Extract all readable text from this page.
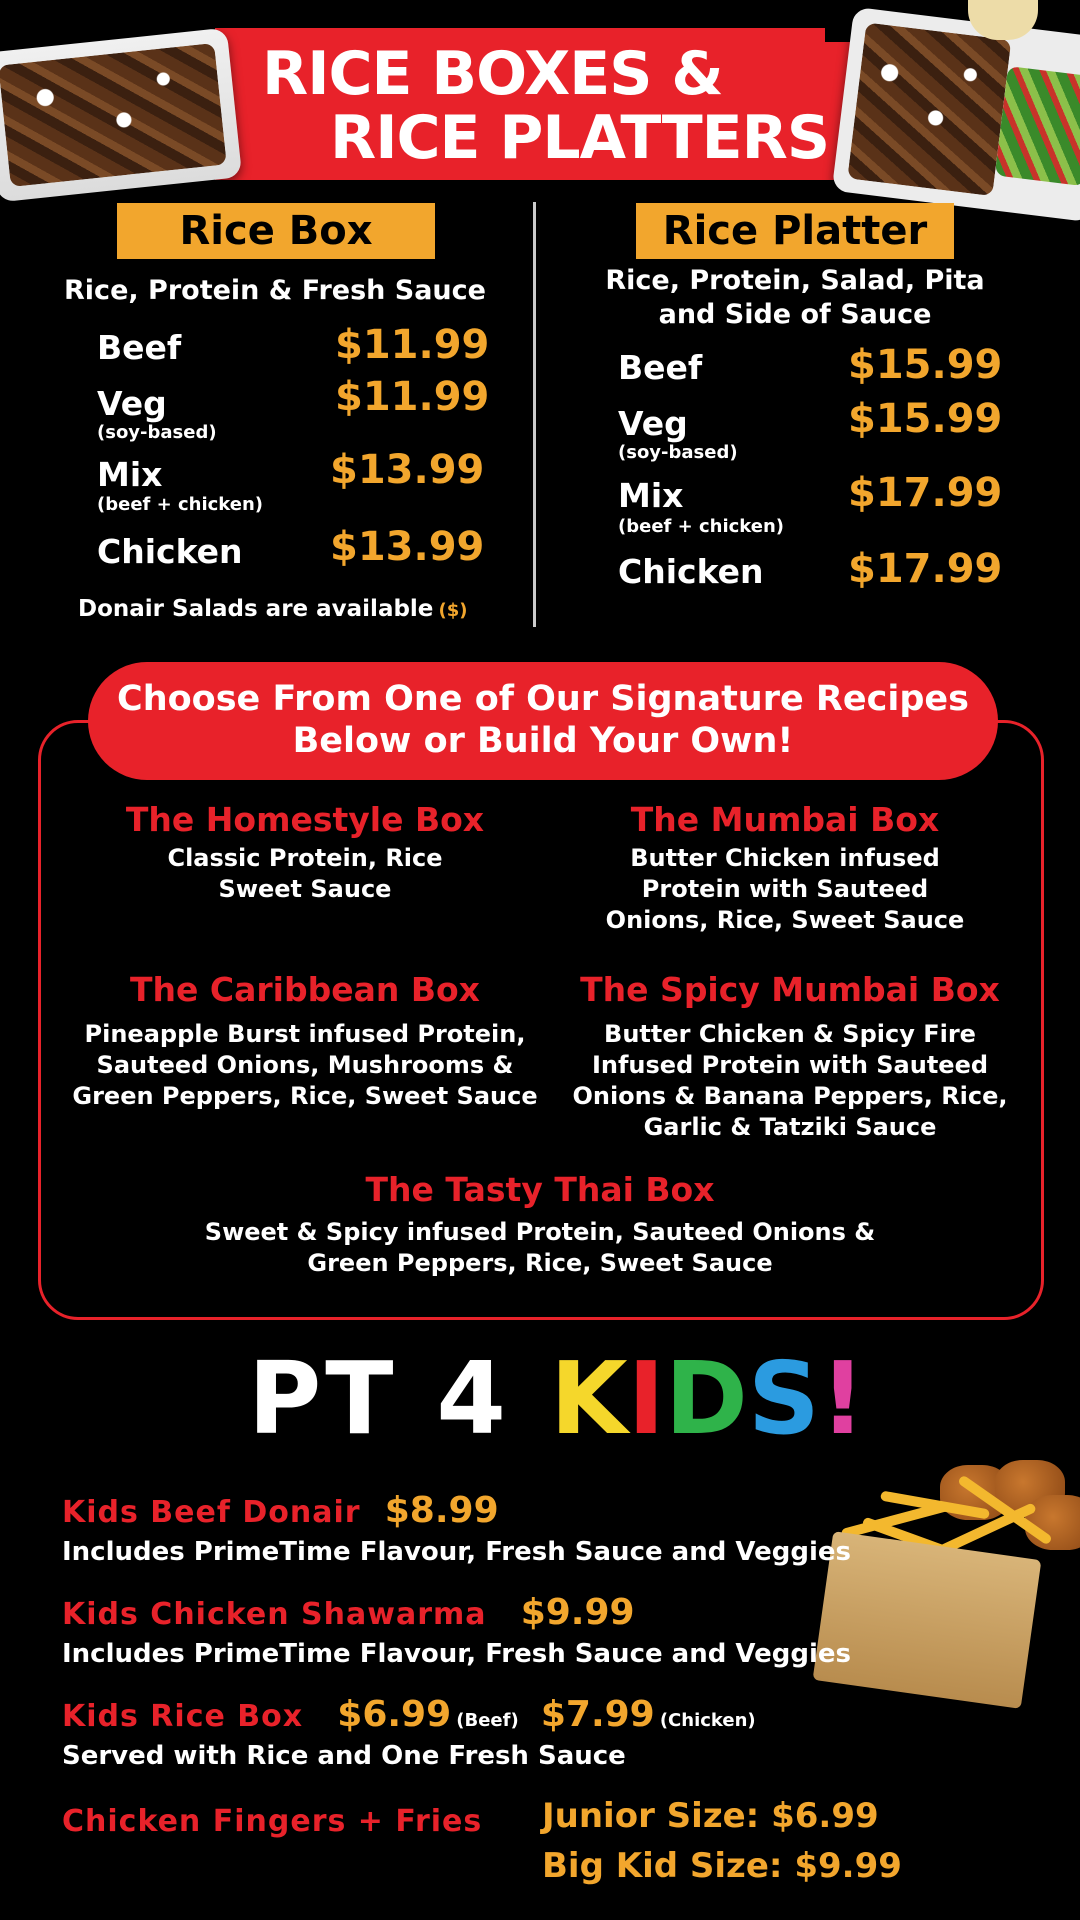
RICE BOXES &
RICE PLATTERS
Rice Box
Rice, Protein & Fresh Sauce
Beef	$11.99
Veg
(soy-based)
$11.99
Mix
(beef + chicken)
$13.99
Chicken $13.99
Donair Salads are available ($)
Rice Platter
Rice, Protein, Salad, Pita
and Side of Sauce
Beef	$15.99
Veg
(soy-based)
$15.99
Mix
(beef + chicken)
$17.99
Chicken $17.99
Choose From One of Our Signature Recipes
Below or Build Your Own!
The Homestyle Box
Classic Protein, Rice
Sweet Sauce
The Mumbai Box
Butter Chicken infused
Protein with Sauteed
Onions, Rice, Sweet Sauce
The Caribbean Box
Pineapple Burst infused Protein,
Sauteed Onions, Mushrooms &
Green Peppers, Rice, Sweet Sauce
The Spicy Mumbai Box
Butter Chicken & Spicy Fire
Infused Protein with Sauteed
Onions & Banana Peppers, Rice,
Garlic & Tatziki Sauce
The Tasty Thai Box
Sweet & Spicy infused Protein, Sauteed Onions &
Green Peppers, Rice, Sweet Sauce
PT 4 KIDS!
Kids Beef Donair $8.99
Includes PrimeTime Flavour, Fresh Sauce and Veggies
Kids Chicken Shawarma $9.99
Includes PrimeTime Flavour, Fresh Sauce and Veggies
Kids Rice Box $6.99 (Beef) $7.99 (Chicken)
Served with Rice and One Fresh Sauce
Chicken Fingers + Fries Junior Size: $6.99
Big Kid Size: $9.99
